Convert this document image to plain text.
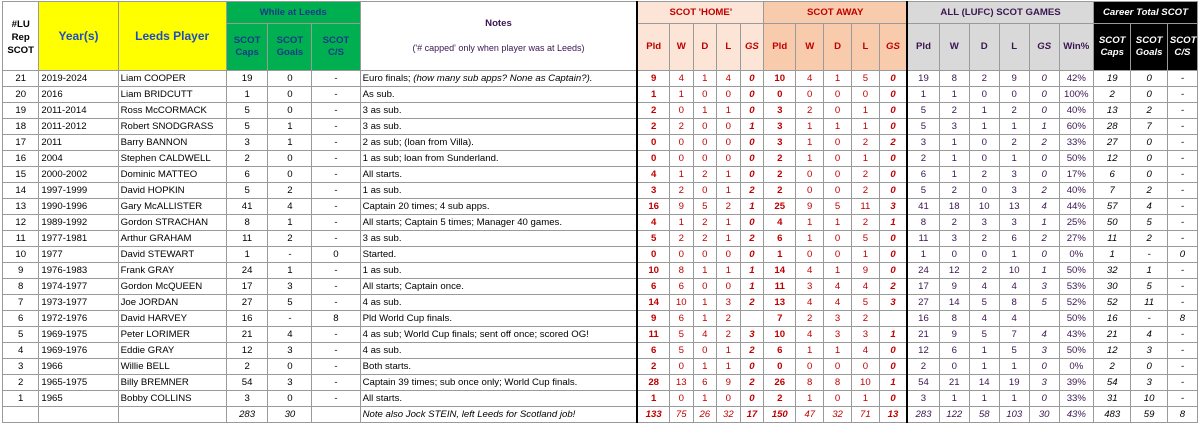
#LU Rep SCOT	Year(s)	Leeds Player	While at Leeds			Notes
('# capped' only when player was at Leeds)	SCOT 'HOME'					SCOT AWAY					ALL (LUFC) SCOT GAMES						Career Total SCOT		
			SCOT Caps	SCOT Goals	SCOT C/S		Pld	W	D	L	GS	Pld	W	D	L	GS	Pld	W	D	L	GS	Win%	SCOT Caps	SCOT Goals	SCOT C/S
21	2019-2024	Liam COOPER	19	0	-	Euro finals; (how many sub apps? None as Captain?).	9	4	1	4	0	10	4	1	5	0	19	8	2	9	0	42%	19	0	-
20	2016	Liam BRIDCUTT	1	0	-	As sub.	1	1	0	0	0	0	0	0	0	0	1	1	0	0	0	100%	2	0	-
19	2011-2014	Ross McCORMACK	5	0	-	3 as sub.	2	0	1	1	0	3	2	0	1	0	5	2	1	2	0	40%	13	2	-
18	2011-2012	Robert SNODGRASS	5	1	-	3 as sub.	2	2	0	0	1	3	1	1	1	0	5	3	1	1	1	60%	28	7	-
17	2011	Barry BANNON	3	1	-	2 as sub; (loan from Villa).	0	0	0	0	0	3	1	0	2	2	3	1	0	2	2	33%	27	0	-
16	2004	Stephen CALDWELL	2	0	-	1 as sub; loan from Sunderland.	0	0	0	0	0	2	1	0	1	0	2	1	0	1	0	50%	12	0	-
15	2000-2002	Dominic MATTEO	6	0	-	All starts.	4	1	2	1	0	2	0	0	2	0	6	1	2	3	0	17%	6	0	-
14	1997-1999	David HOPKIN	5	2	-	1 as sub.	3	2	0	1	2	2	0	0	2	0	5	2	0	3	2	40%	7	2	-
13	1990-1996	Gary McALLISTER	41	4	-	Captain 20 times; 4 sub apps.	16	9	5	2	1	25	9	5	11	3	41	18	10	13	4	44%	57	4	-
12	1989-1992	Gordon STRACHAN	8	1	-	All starts; Captain 5 times; Manager 40 games.	4	1	2	1	0	4	1	1	2	1	8	2	3	3	1	25%	50	5	-
11	1977-1981	Arthur GRAHAM	11	2	-	3 as sub.	5	2	2	1	2	6	1	0	5	0	11	3	2	6	2	27%	11	2	-
10	1977	David STEWART	1	-	0	Started.	0	0	0	0	0	1	0	0	1	0	1	0	0	1	0	0%	1	-	0
9	1976-1983	Frank GRAY	24	1	-	1 as sub.	10	8	1	1	1	14	4	1	9	0	24	12	2	10	1	50%	32	1	-
8	1974-1977	Gordon McQUEEN	17	3	-	All starts; Captain once.	6	6	0	0	1	11	3	4	4	2	17	9	4	4	3	53%	30	5	-
7	1973-1977	Joe JORDAN	27	5	-	4 as sub.	14	10	1	3	2	13	4	4	5	3	27	14	5	8	5	52%	52	11	-
6	1972-1976	David HARVEY	16	-	8	Pld World Cup finals.	9	6	1	2		7	2	3	2		16	8	4	4		50%	16	-	8
5	1969-1975	Peter LORIMER	21	4	-	4 as sub; World Cup finals; sent off once; scored OG!	11	5	4	2	3	10	4	3	3	1	21	9	5	7	4	43%	21	4	-
4	1969-1976	Eddie GRAY	12	3	-	4 as sub.	6	5	0	1	2	6	1	1	4	0	12	6	1	5	3	50%	12	3	-
3	1966	Willie BELL	2	0	-	Both starts.	2	0	1	1	0	0	0	0	0	0	2	0	1	1	0	0%	2	0	-
2	1965-1975	Billy BREMNER	54	3	-	Captain 39 times; sub once only; World Cup finals.	28	13	6	9	2	26	8	8	10	1	54	21	14	19	3	39%	54	3	-
1	1965	Bobby COLLINS	3	0	-	All starts.	1	0	1	0	0	2	1	0	1	0	3	1	1	1	0	33%	31	10	-
			283	30		Note also Jock STEIN, left Leeds for Scotland job!	133	75	26	32	17	150	47	32	71	13	283	122	58	103	30	43%	483	59	8
